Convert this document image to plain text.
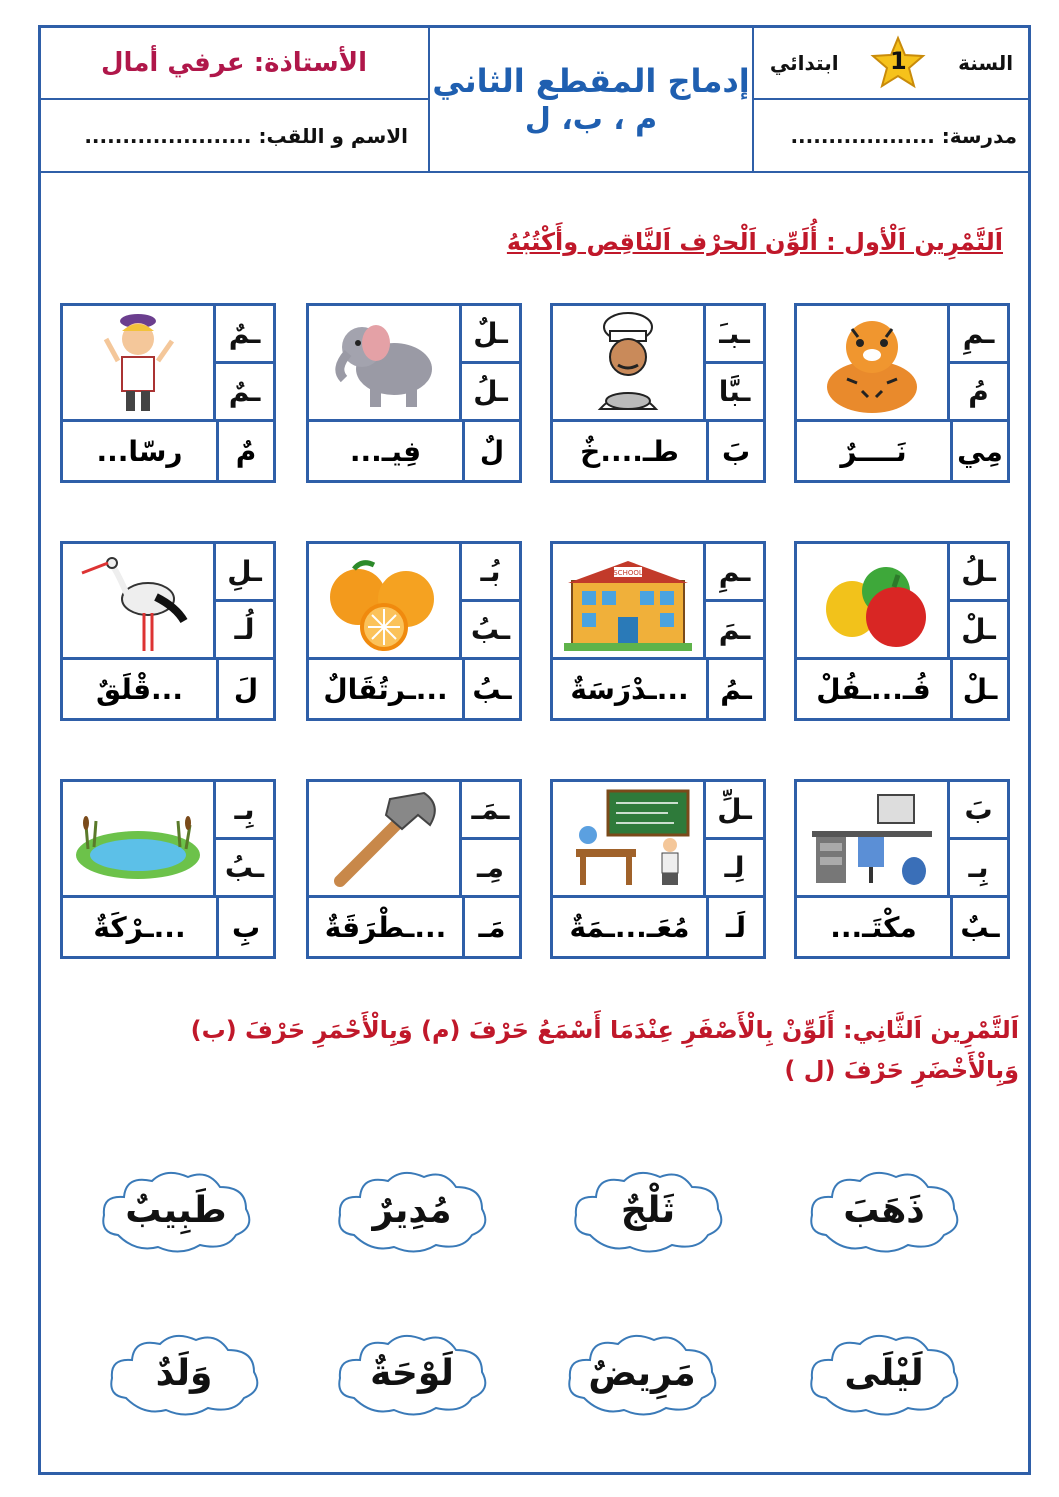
الأستاذة: عرفي أمال
الاسم و اللقب: ......................
إدماج المقطع الثاني
م ، ب، ل
السنة
1
ابتدائي
مدرسة: ...................
اَلتَّمْرِين اَلْأول : أُلَوِّن اَلْحرْف اَلنَّاقِص وأَكْتُبُهُ
ـمِ
مُ
مِي
نَــــرٌ
ـبـَ
ـبَّا
بَ
طـ....خٌ
ـلٌ
ـلُ
لٌ
فِيـ...
ـمٌ
ـمٌ
مٌ
رسّا...
ـلُ
ـلْ
ـلْ
فُـ...ـفُلْ
SCHOOL	ـمِ
ـمَ
ـمُ
...ـدْرَسَةٌ
بُـ
ـبُ
ـبُ
...ـرتُقَالٌ
ـلِ
لُـ
لَ
...قْلَقٌ
بَ
بِـ
ـبٌ
مكْتَـ...
ـلِّ
لِـ
لَـ
مُعَـ...ـمَةٌ
ـمَـ
مِـ
مَـ
...ـطْرَقَةٌ
بِـ
ـبُ
بِ
...ـرْكَةٌ
اَلتَّمْرِين اَلثَّانِي: أَلَوِّنْ بِالْأَصْفَرِ عِنْدَمَا أَسْمَعُ حَرْفَ (م) وَبِالْأَحْمَرِ حَرْفَ (ب)
وَبِالْأَخْضَرِ حَرْفَ (ل )
ذَهَبَ
ثَلْجٌ
مُدِيرٌ
طَبِيبٌ
لَيْلَى
مَرِيضٌ
لَوْحَةٌ
وَلَدٌ
